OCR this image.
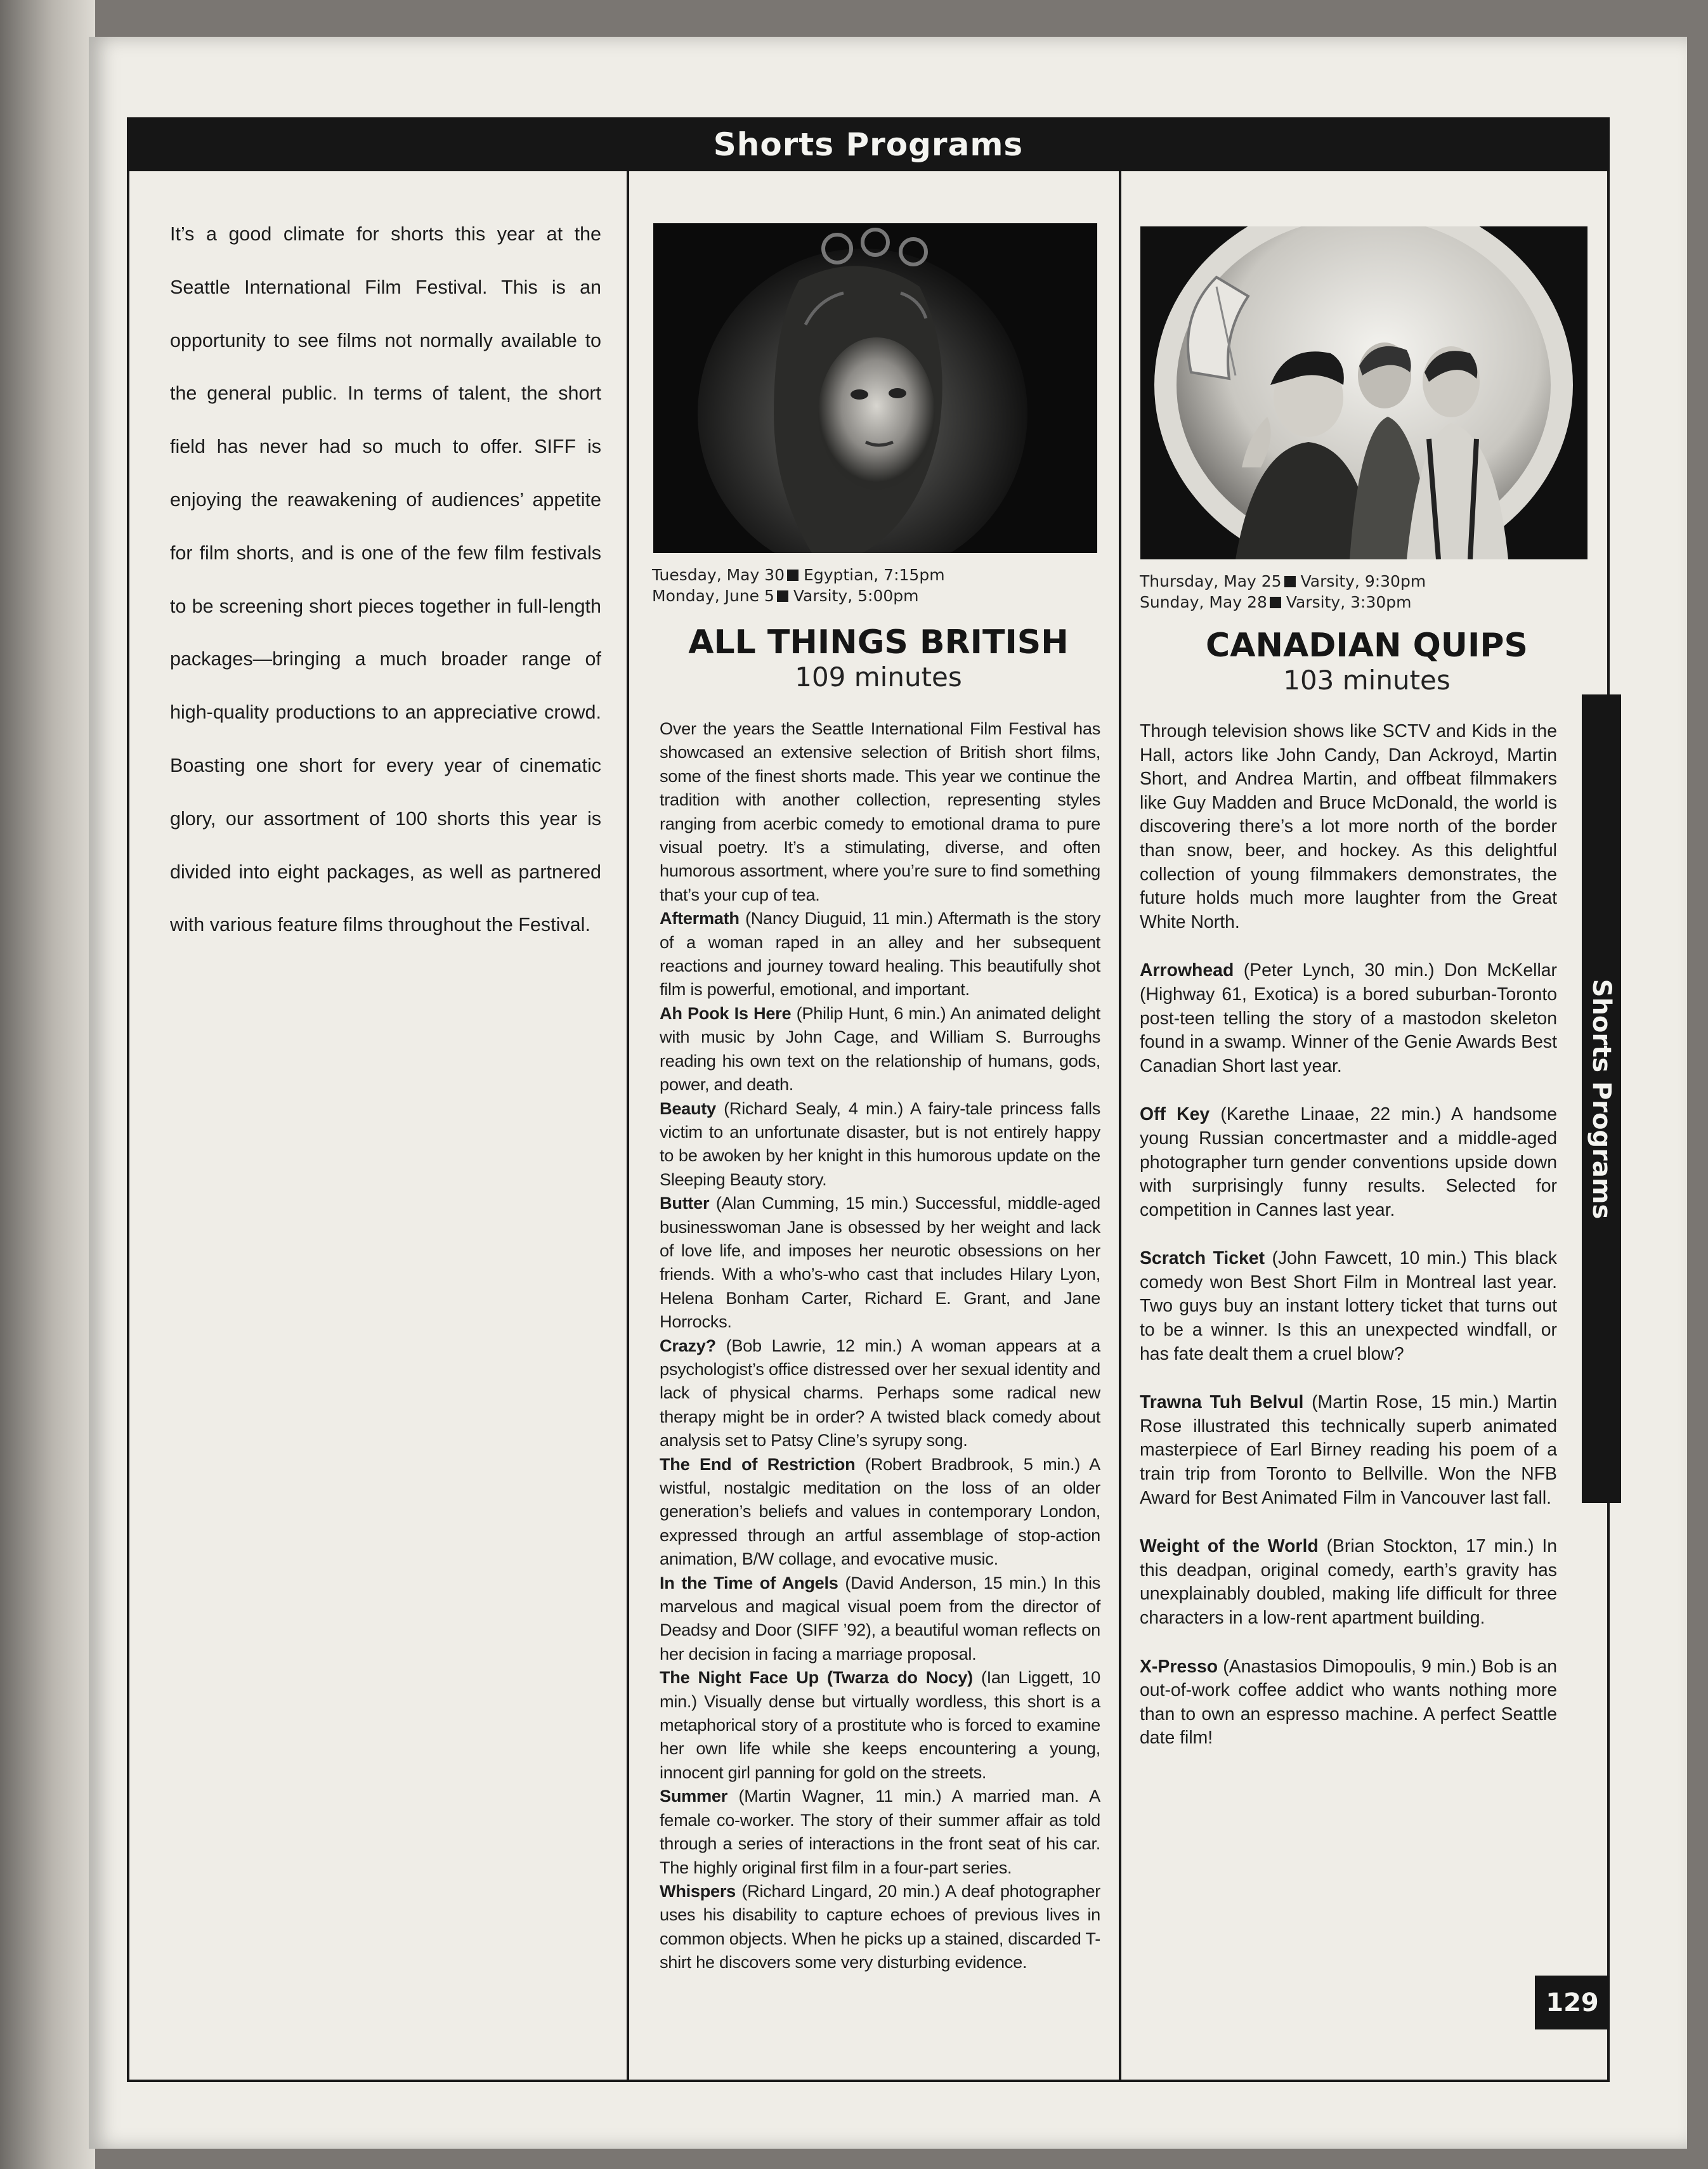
Shorts Programs
It’s a good climate for shorts this year at the Seattle International Film Festival. This is an opportunity to see films not normally available to the general public. In terms of talent, the short field has never had so much to offer. SIFF is enjoying the reawakening of audiences’ appetite for film shorts, and is one of the few film festivals to be screening short pieces together in full-length packages—bringing a much broader range of high-quality productions to an appreciative crowd. Boasting one short for every year of cinematic glory, our assortment of 100 shorts this year is divided into eight packages, as well as partnered with various feature films throughout the Festival.
Tuesday, May 30 Egyptian, 7:15pm
Monday, June 5 Varsity, 5:00pm
ALL THINGS BRITISH
109 minutes

Over the years the Seattle International Film Festival has showcased an extensive selection of British short films, some of the finest shorts made. This year we continue the tradition with another collection, representing styles ranging from acerbic comedy to emotional drama to pure visual poetry. It’s a stimulating, diverse, and often humorous assortment, where you’re sure to find something that’s your cup of tea.

Aftermath (Nancy Diuguid, 11 min.) Aftermath is the story of a woman raped in an alley and her subsequent reactions and journey toward healing. This beautifully shot film is powerful, emotional, and important.

Ah Pook Is Here (Philip Hunt, 6 min.) An animated delight with music by John Cage, and William S. Burroughs reading his own text on the relationship of humans, gods, power, and death.

Beauty (Richard Sealy, 4 min.) A fairy-tale princess falls victim to an unfortunate disaster, but is not entirely happy to be awoken by her knight in this humorous update on the Sleeping Beauty story.

Butter (Alan Cumming, 15 min.) Successful, middle-aged businesswoman Jane is obsessed by her weight and lack of love life, and imposes her neurotic obsessions on her friends. With a who’s-who cast that includes Hilary Lyon, Helena Bonham Carter, Richard E. Grant, and Jane Horrocks.

Crazy? (Bob Lawrie, 12 min.) A woman appears at a psychologist’s office distressed over her sexual identity and lack of physical charms. Perhaps some radical new therapy might be in order? A twisted black comedy about analysis set to Patsy Cline’s syrupy song.

The End of Restriction (Robert Bradbrook, 5 min.) A wistful, nostalgic meditation on the loss of an older generation’s beliefs and values in contemporary London, expressed through an artful assemblage of stop-action animation, B/W collage, and evocative music.

In the Time of Angels (David Anderson, 15 min.) In this marvelous and magical visual poem from the director of Deadsy and Door (SIFF ’92), a beautiful woman reflects on her decision in facing a marriage proposal.

The Night Face Up (Twarza do Nocy) (Ian Liggett, 10 min.) Visually dense but virtually wordless, this short is a metaphorical story of a prostitute who is forced to examine her own life while she keeps encountering a young, innocent girl panning for gold on the streets.

Summer (Martin Wagner, 11 min.) A married man. A female co-worker. The story of their summer affair as told through a series of interactions in the front seat of his car. The highly original first film in a four-part series.

Whispers (Richard Lingard, 20 min.) A deaf photographer uses his disability to capture echoes of previous lives in common objects. When he picks up a stained, discarded T-shirt he discovers some very disturbing evidence.

Thursday, May 25 Varsity, 9:30pm
Sunday, May 28 Varsity, 3:30pm
CANADIAN QUIPS
103 minutes

Through television shows like SCTV and Kids in the Hall, actors like John Candy, Dan Ackroyd, Martin Short, and Andrea Martin, and offbeat filmmakers like Guy Madden and Bruce McDonald, the world is discovering there’s a lot more north of the border than snow, beer, and hockey. As this delightful collection of young filmmakers demonstrates, the future holds much more laughter from the Great White North.

Arrowhead (Peter Lynch, 30 min.) Don McKellar (Highway 61, Exotica) is a bored suburban-Toronto post-teen telling the story of a mastodon skeleton found in a swamp. Winner of the Genie Awards Best Canadian Short last year.

Off Key (Karethe Linaae, 22 min.) A handsome young Russian concertmaster and a middle-aged photographer turn gender conventions upside down with surprisingly funny results. Selected for competition in Cannes last year.

Scratch Ticket (John Fawcett, 10 min.) This black comedy won Best Short Film in Montreal last year. Two guys buy an instant lottery ticket that turns out to be a winner. Is this an unexpected windfall, or has fate dealt them a cruel blow?

Trawna Tuh Belvul (Martin Rose, 15 min.) Martin Rose illustrated this technically superb animated masterpiece of Earl Birney reading his poem of a train trip from Toronto to Bellville. Won the NFB Award for Best Animated Film in Vancouver last fall.

Weight of the World (Brian Stockton, 17 min.) In this deadpan, original comedy, earth’s gravity has unexplainably doubled, making life difficult for three characters in a low-rent apartment building.

X-Presso (Anastasios Dimopoulis, 9 min.) Bob is an out-of-work coffee addict who wants nothing more than to own an espresso machine. A perfect Seattle date film!

Shorts Programs
129
